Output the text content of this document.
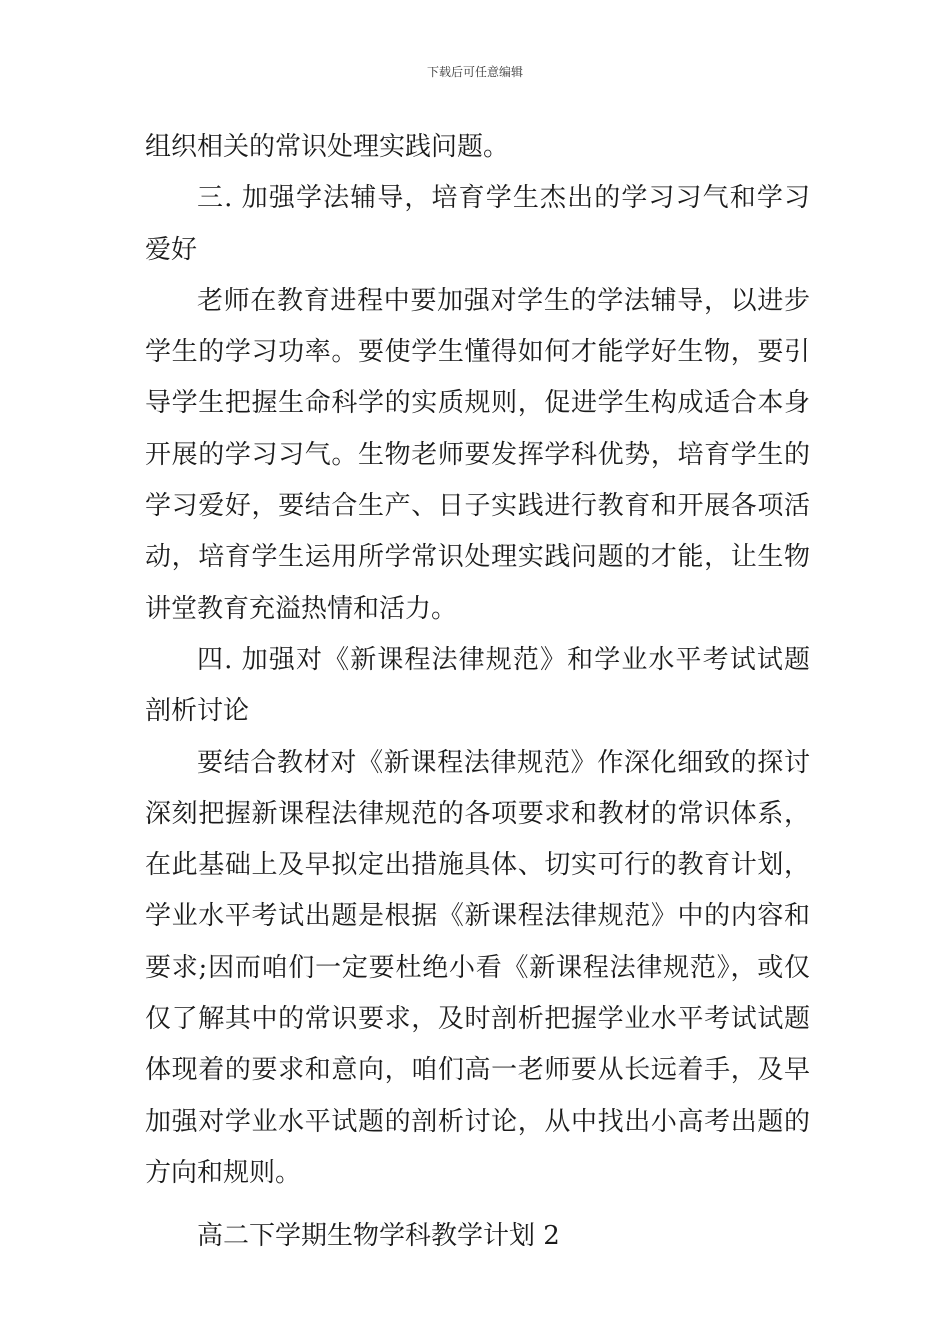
下载后可任意编辑

组织相关的常识处理实践问题。

三. 加强学法辅导，培育学生杰出的学习习气和学习爱好

老师在教育进程中要加强对学生的学法辅导，以进步学生的学习功率。要使学生懂得如何才能学好生物，要引导学生把握生命科学的实质规则，促进学生构成适合本身开展的学习习气。生物老师要发挥学科优势，培育学生的学习爱好，要结合生产、日子实践进行教育和开展各项活动，培育学生运用所学常识处理实践问题的才能，让生物讲堂教育充溢热情和活力。

四. 加强对《新课程法律规范》和学业水平考试试题剖析讨论

要结合教材对《新课程法律规范》作深化细致的探讨深刻把握新课程法律规范的各项要求和教材的常识体系，在此基础上及早拟定出措施具体、切实可行的教育计划，学业水平考试出题是根据《新课程法律规范》中的内容和要求;因而咱们一定要杜绝小看《新课程法律规范》，或仅仅了解其中的常识要求，及时剖析把握学业水平考试试题体现着的要求和意向，咱们高一老师要从长远着手，及早加强对学业水平试题的剖析讨论，从中找出小高考出题的方向和规则。

高二下学期生物学科教学计划 2
